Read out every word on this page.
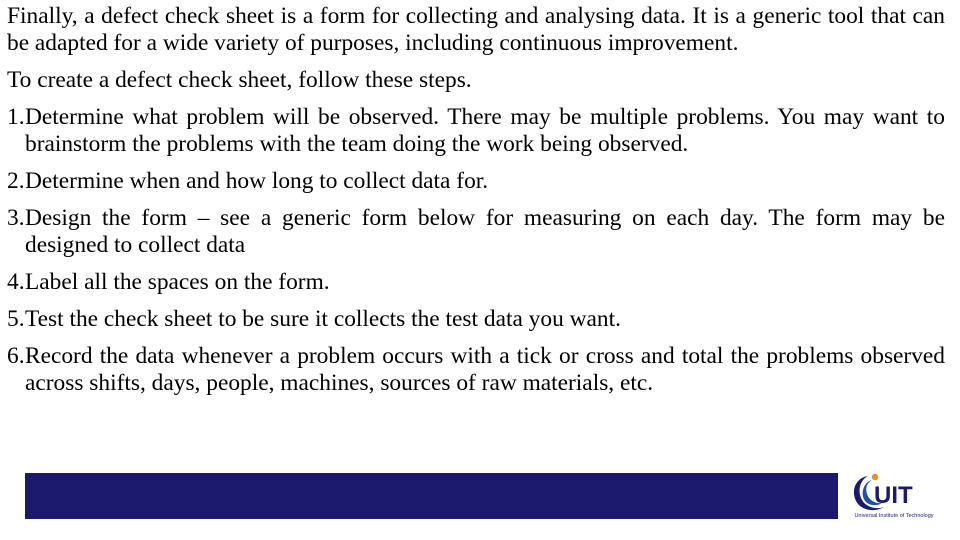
Finally, a defect check sheet is a form for collecting and analysing data. It is a generic tool that can be adapted for a wide variety of purposes, including continuous improvement.

To create a defect check sheet, follow these steps.

1. Determine what problem will be observed. There may be multiple problems. You may want to brainstorm the problems with the team doing the work being observed.
2. Determine when and how long to collect data for.
3. Design the form – see a generic form below for measuring on each day. The form may be designed to collect data
4. Label all the spaces on the form.
5. Test the check sheet to be sure it collects the test data you want.
6. Record the data whenever a problem occurs with a tick or cross and total the problems observed across shifts, days, people, machines, sources of raw materials, etc.
UIT
Universal Institute of Technology
